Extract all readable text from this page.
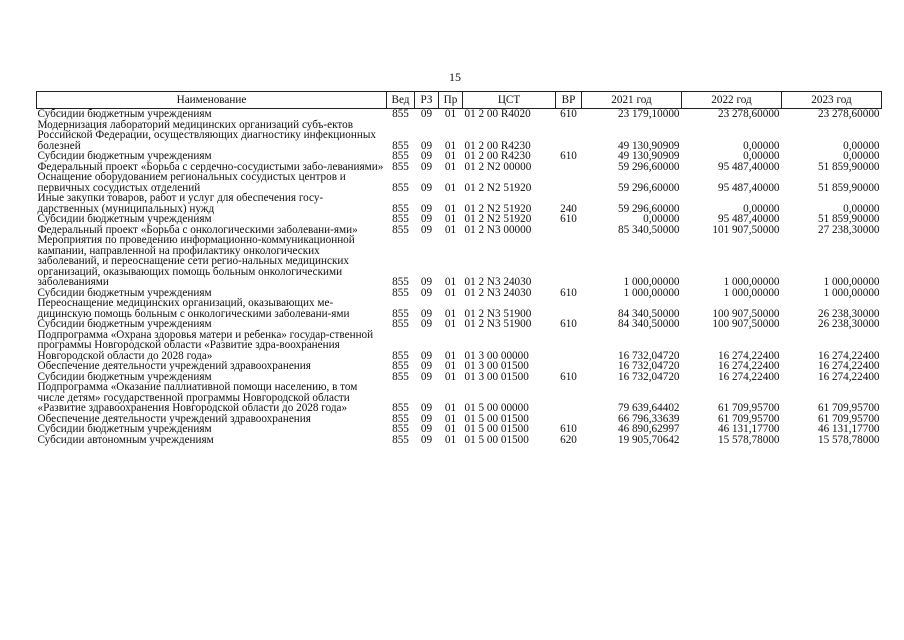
15
Наименование	Вед	РЗ	Пр	ЦСТ	ВР	2021 год	2022 год	2023 год
Субсидии бюджетным учреждениям	855	09	01	01 2 00 R4020	610	23 179,10000	23 278,60000	23 278,60000
Модернизация лабораторий медицинских организаций субъ-ектов Российской Федерации, осуществляющих диагностику инфекционных болезней	855	09	01	01 2 00 R4230		49 130,90909	0,00000	0,00000
Субсидии бюджетным учреждениям	855	09	01	01 2 00 R4230	610	49 130,90909	0,00000	0,00000
Федеральный проект «Борьба с сердечно-сосудистыми забо-леваниями»	855	09	01	01 2 N2 00000		59 296,60000	95 487,40000	51 859,90000
Оснащение оборудованием региональных сосудистых центров и первичных сосудистых отделений	855	09	01	01 2 N2 51920		59 296,60000	95 487,40000	51 859,90000
Иные закупки товаров, работ и услуг для обеспечения госу-дарственных (муниципальных) нужд	855	09	01	01 2 N2 51920	240	59 296,60000	0,00000	0,00000
Субсидии бюджетным учреждениям	855	09	01	01 2 N2 51920	610	0,00000	95 487,40000	51 859,90000
Федеральный проект «Борьба с онкологическими заболевани-ями»	855	09	01	01 2 N3 00000		85 340,50000	101 907,50000	27 238,30000
Мероприятия по проведению информационно-коммуникационной кампании, направленной на профилактику онкологических заболеваний, и переоснащение сети регио-нальных медицинских организаций, оказывающих помощь больным онкологическими заболеваниями	855	09	01	01 2 N3 24030		1 000,00000	1 000,00000	1 000,00000
Субсидии бюджетным учреждениям	855	09	01	01 2 N3 24030	610	1 000,00000	1 000,00000	1 000,00000
Переоснащение медицинских организаций, оказывающих ме-дицинскую помощь больным с онкологическими заболевани-ями	855	09	01	01 2 N3 51900		84 340,50000	100 907,50000	26 238,30000
Субсидии бюджетным учреждениям	855	09	01	01 2 N3 51900	610	84 340,50000	100 907,50000	26 238,30000
Подпрограмма «Охрана здоровья матери и ребенка» государ-ственной программы Новгородской области «Развитие здра-воохранения Новгородской области до 2028 года»	855	09	01	01 3 00 00000		16 732,04720	16 274,22400	16 274,22400
Обеспечение деятельности учреждений здравоохранения	855	09	01	01 3 00 01500		16 732,04720	16 274,22400	16 274,22400
Субсидии бюджетным учреждениям	855	09	01	01 3 00 01500	610	16 732,04720	16 274,22400	16 274,22400
Подпрограмма «Оказание паллиативной помощи населению, в том числе детям» государственной программы Новгородской области «Развитие здравоохранения Новгородской области до 2028 года»	855	09	01	01 5 00 00000		79 639,64402	61 709,95700	61 709,95700
Обеспечение деятельности учреждений здравоохранения	855	09	01	01 5 00 01500		66 796,33639	61 709,95700	61 709,95700
Субсидии бюджетным учреждениям	855	09	01	01 5 00 01500	610	46 890,62997	46 131,17700	46 131,17700
Субсидии автономным учреждениям	855	09	01	01 5 00 01500	620	19 905,70642	15 578,78000	15 578,78000
